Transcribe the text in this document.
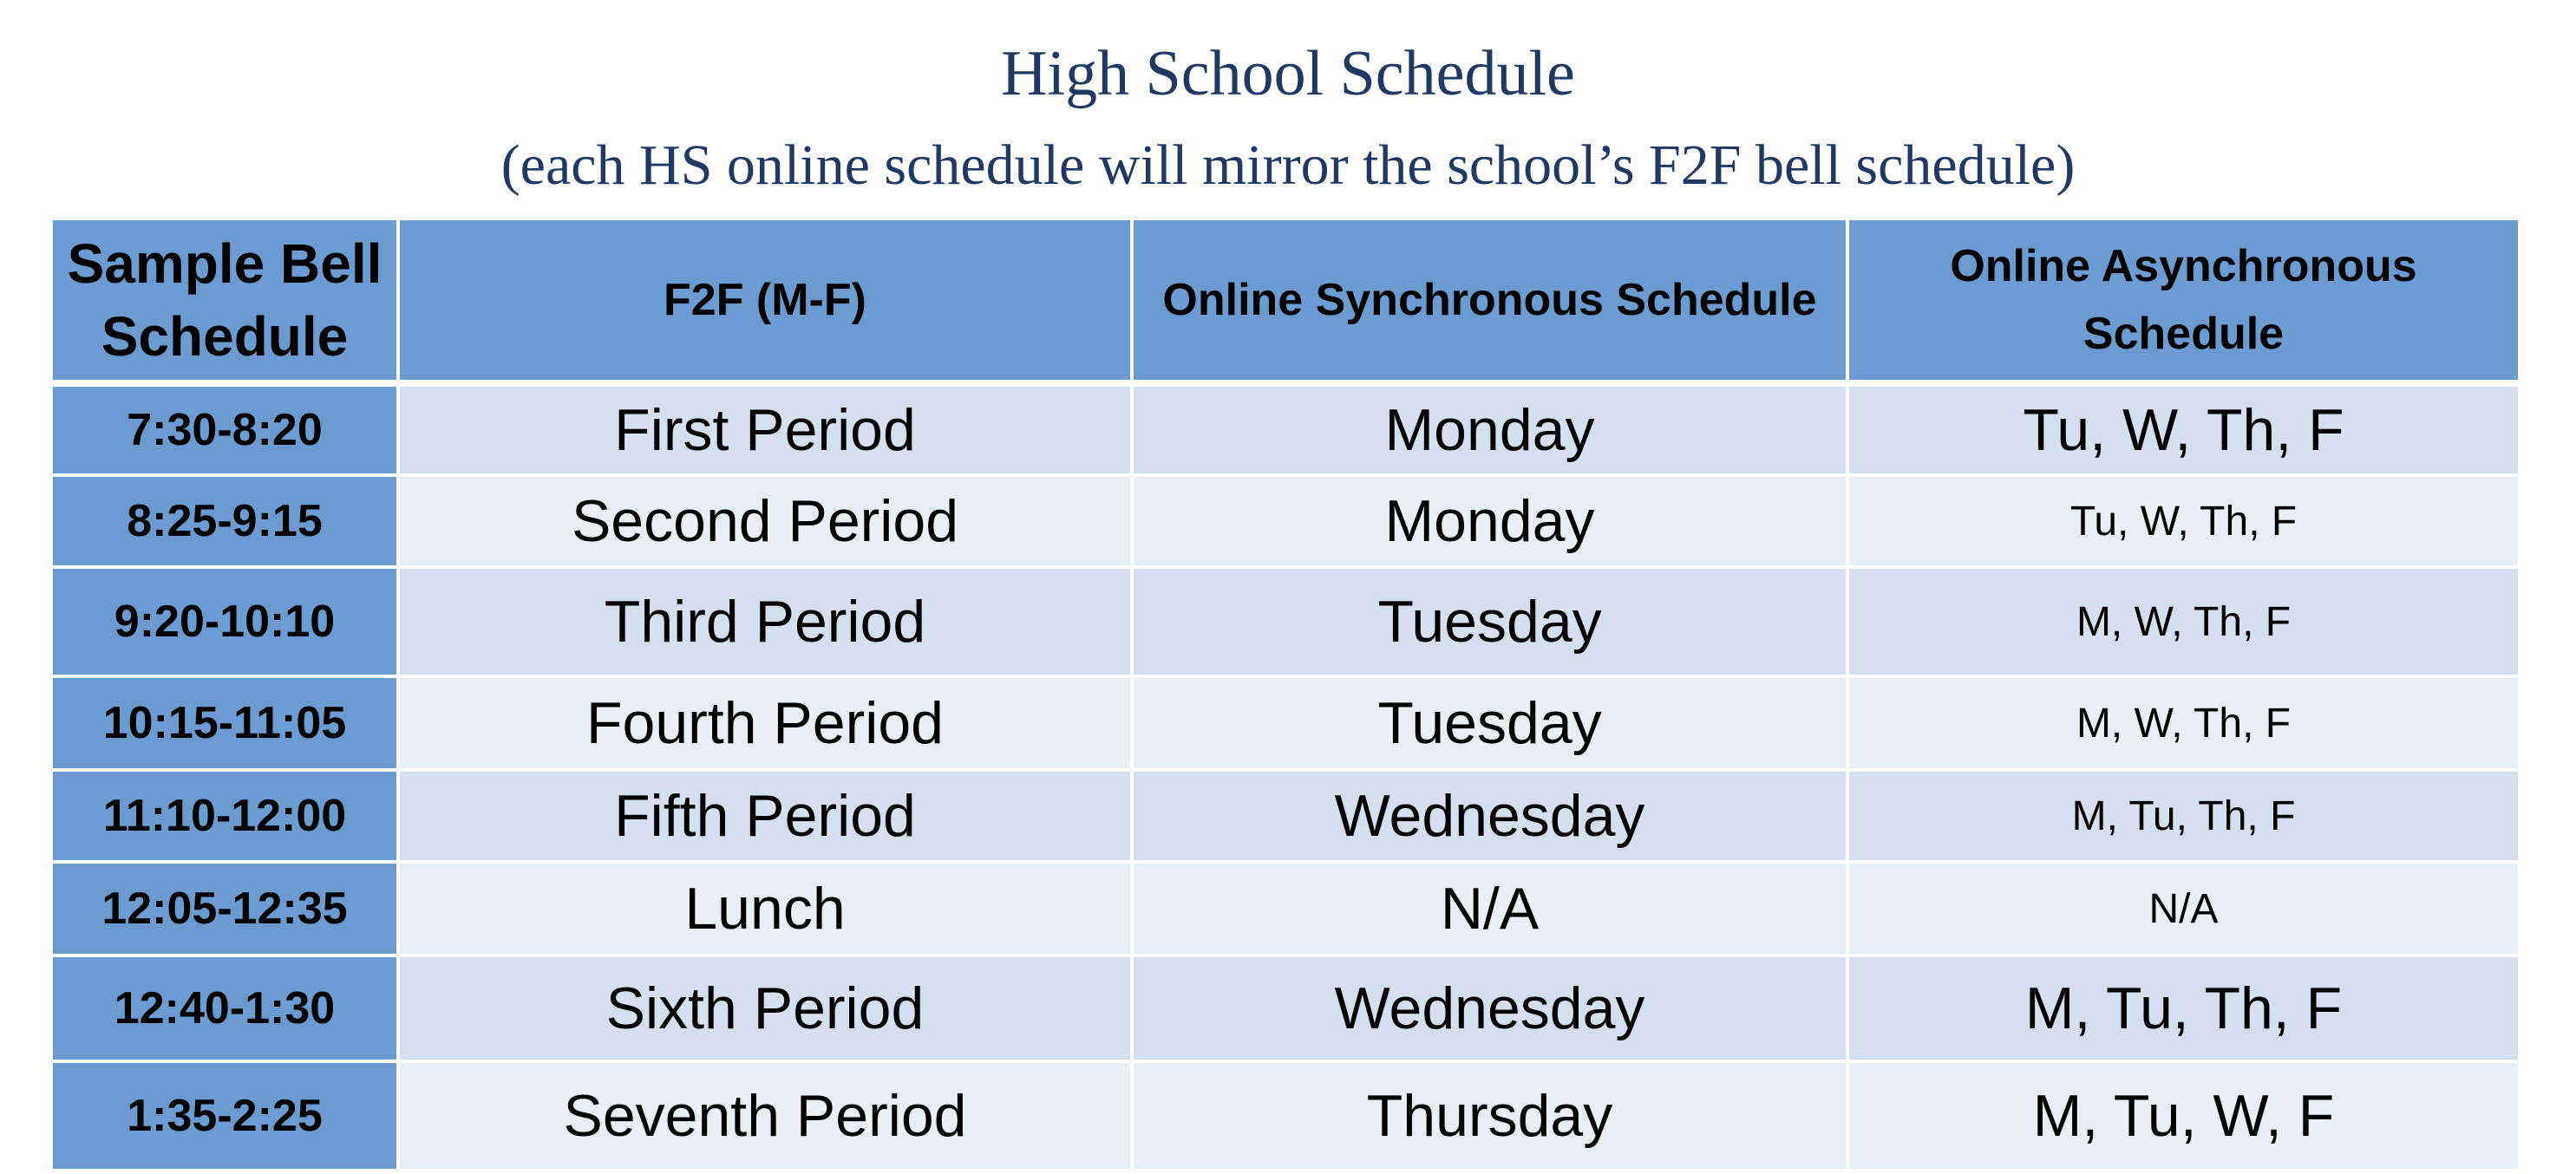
High School Schedule
(each HS online schedule will mirror the school’s F2F bell schedule)
Sample Bell Schedule	F2F (M-F)	Online Synchronous Schedule	Online Asynchronous Schedule
7:30-8:20	First Period	Monday	Tu, W, Th, F
8:25-9:15	Second Period	Monday	Tu, W, Th, F
9:20-10:10	Third Period	Tuesday	M, W, Th, F
10:15-11:05	Fourth Period	Tuesday	M, W, Th, F
11:10-12:00	Fifth Period	Wednesday	M, Tu, Th, F
12:05-12:35	Lunch	N/A	N/A
12:40-1:30	Sixth Period	Wednesday	M, Tu, Th, F
1:35-2:25	Seventh Period	Thursday	M, Tu, W, F
